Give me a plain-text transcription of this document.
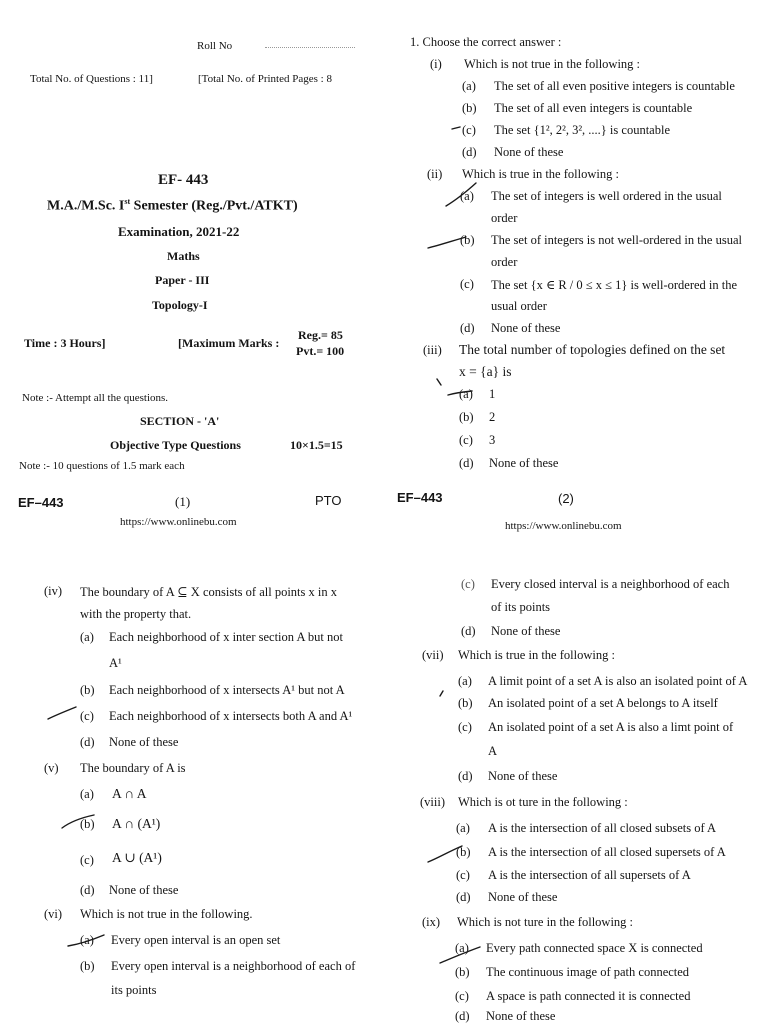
Roll No
Total No. of Questions : 11]	[Total No. of Printed Pages : 8
EF- 443
M.A./M.Sc. Ist Semester (Reg./Pvt./ATKT)
Examination, 2021-22
Maths
Paper - III
Topology-I
Time : 3 Hours]	[Maximum Marks :
Reg.= 85
Pvt.= 100
Note :- Attempt all the questions.
SECTION - 'A'
Objective Type Questions	10×1.5=15
Note :- 10 questions of 1.5 mark each
EF–443	(1)	PTO
https://www.onlinebu.com
1. Choose the correct answer :
(i) Which is not true in the following :
(a) The set of all even positive integers is countable
(b) The set of all even integers is countable
(c) The set {1², 2², 3², ....} is countable
(d) None of these
(ii) Which is true in the following :
(a) The set of integers is well ordered in the usual
order
(b) The set of integers is not well-ordered in the usual
order
(c) The set {x ∈ R / 0 ≤ x ≤ 1} is well-ordered in the
usual order
(d) None of these
(iii) The total number of topologies defined on the set
x = {a} is
(a) 1
(b) 2
(c) 3
(d) None of these
EF–443	(2)
https://www.onlinebu.com
(iv) The boundary of A ⊆ X consists of all points x in x
with the property that.
(a) Each neighborhood of x inter section A but not
A¹
(b) Each neighborhood of x intersects A¹ but not A
(c) Each neighborhood of x intersects both A and A¹
(d) None of these
(v) The boundary of A is
(a) A ∩ A
(b) A ∩ (A¹)
(c) A ∪ (A¹)
(d) None of these
(vi) Which is not true in the following.
(a) Every open interval is an open set
(b) Every open interval is a neighborhood of each of
its points
(c) Every closed interval is a neighborhood of each
of its points
(d) None of these
(vii) Which is true in the following :
(a) A limit point of a set A is also an isolated point of A
(b) An isolated point of a set A belongs to A itself
(c) An isolated point of a set A is also a limt point of
A
(d) None of these
(viii) Which is ot ture in the following :
(a) A is the intersection of all closed subsets of A
(b) A is the intersection of all closed supersets of A
(c) A is the intersection of all supersets of A
(d) None of these
(ix) Which is not ture in the following :
(a) Every path connected space X is connected
(b) The continuous image of path connected
(c) A space is path connected it is connected
(d) None of these
